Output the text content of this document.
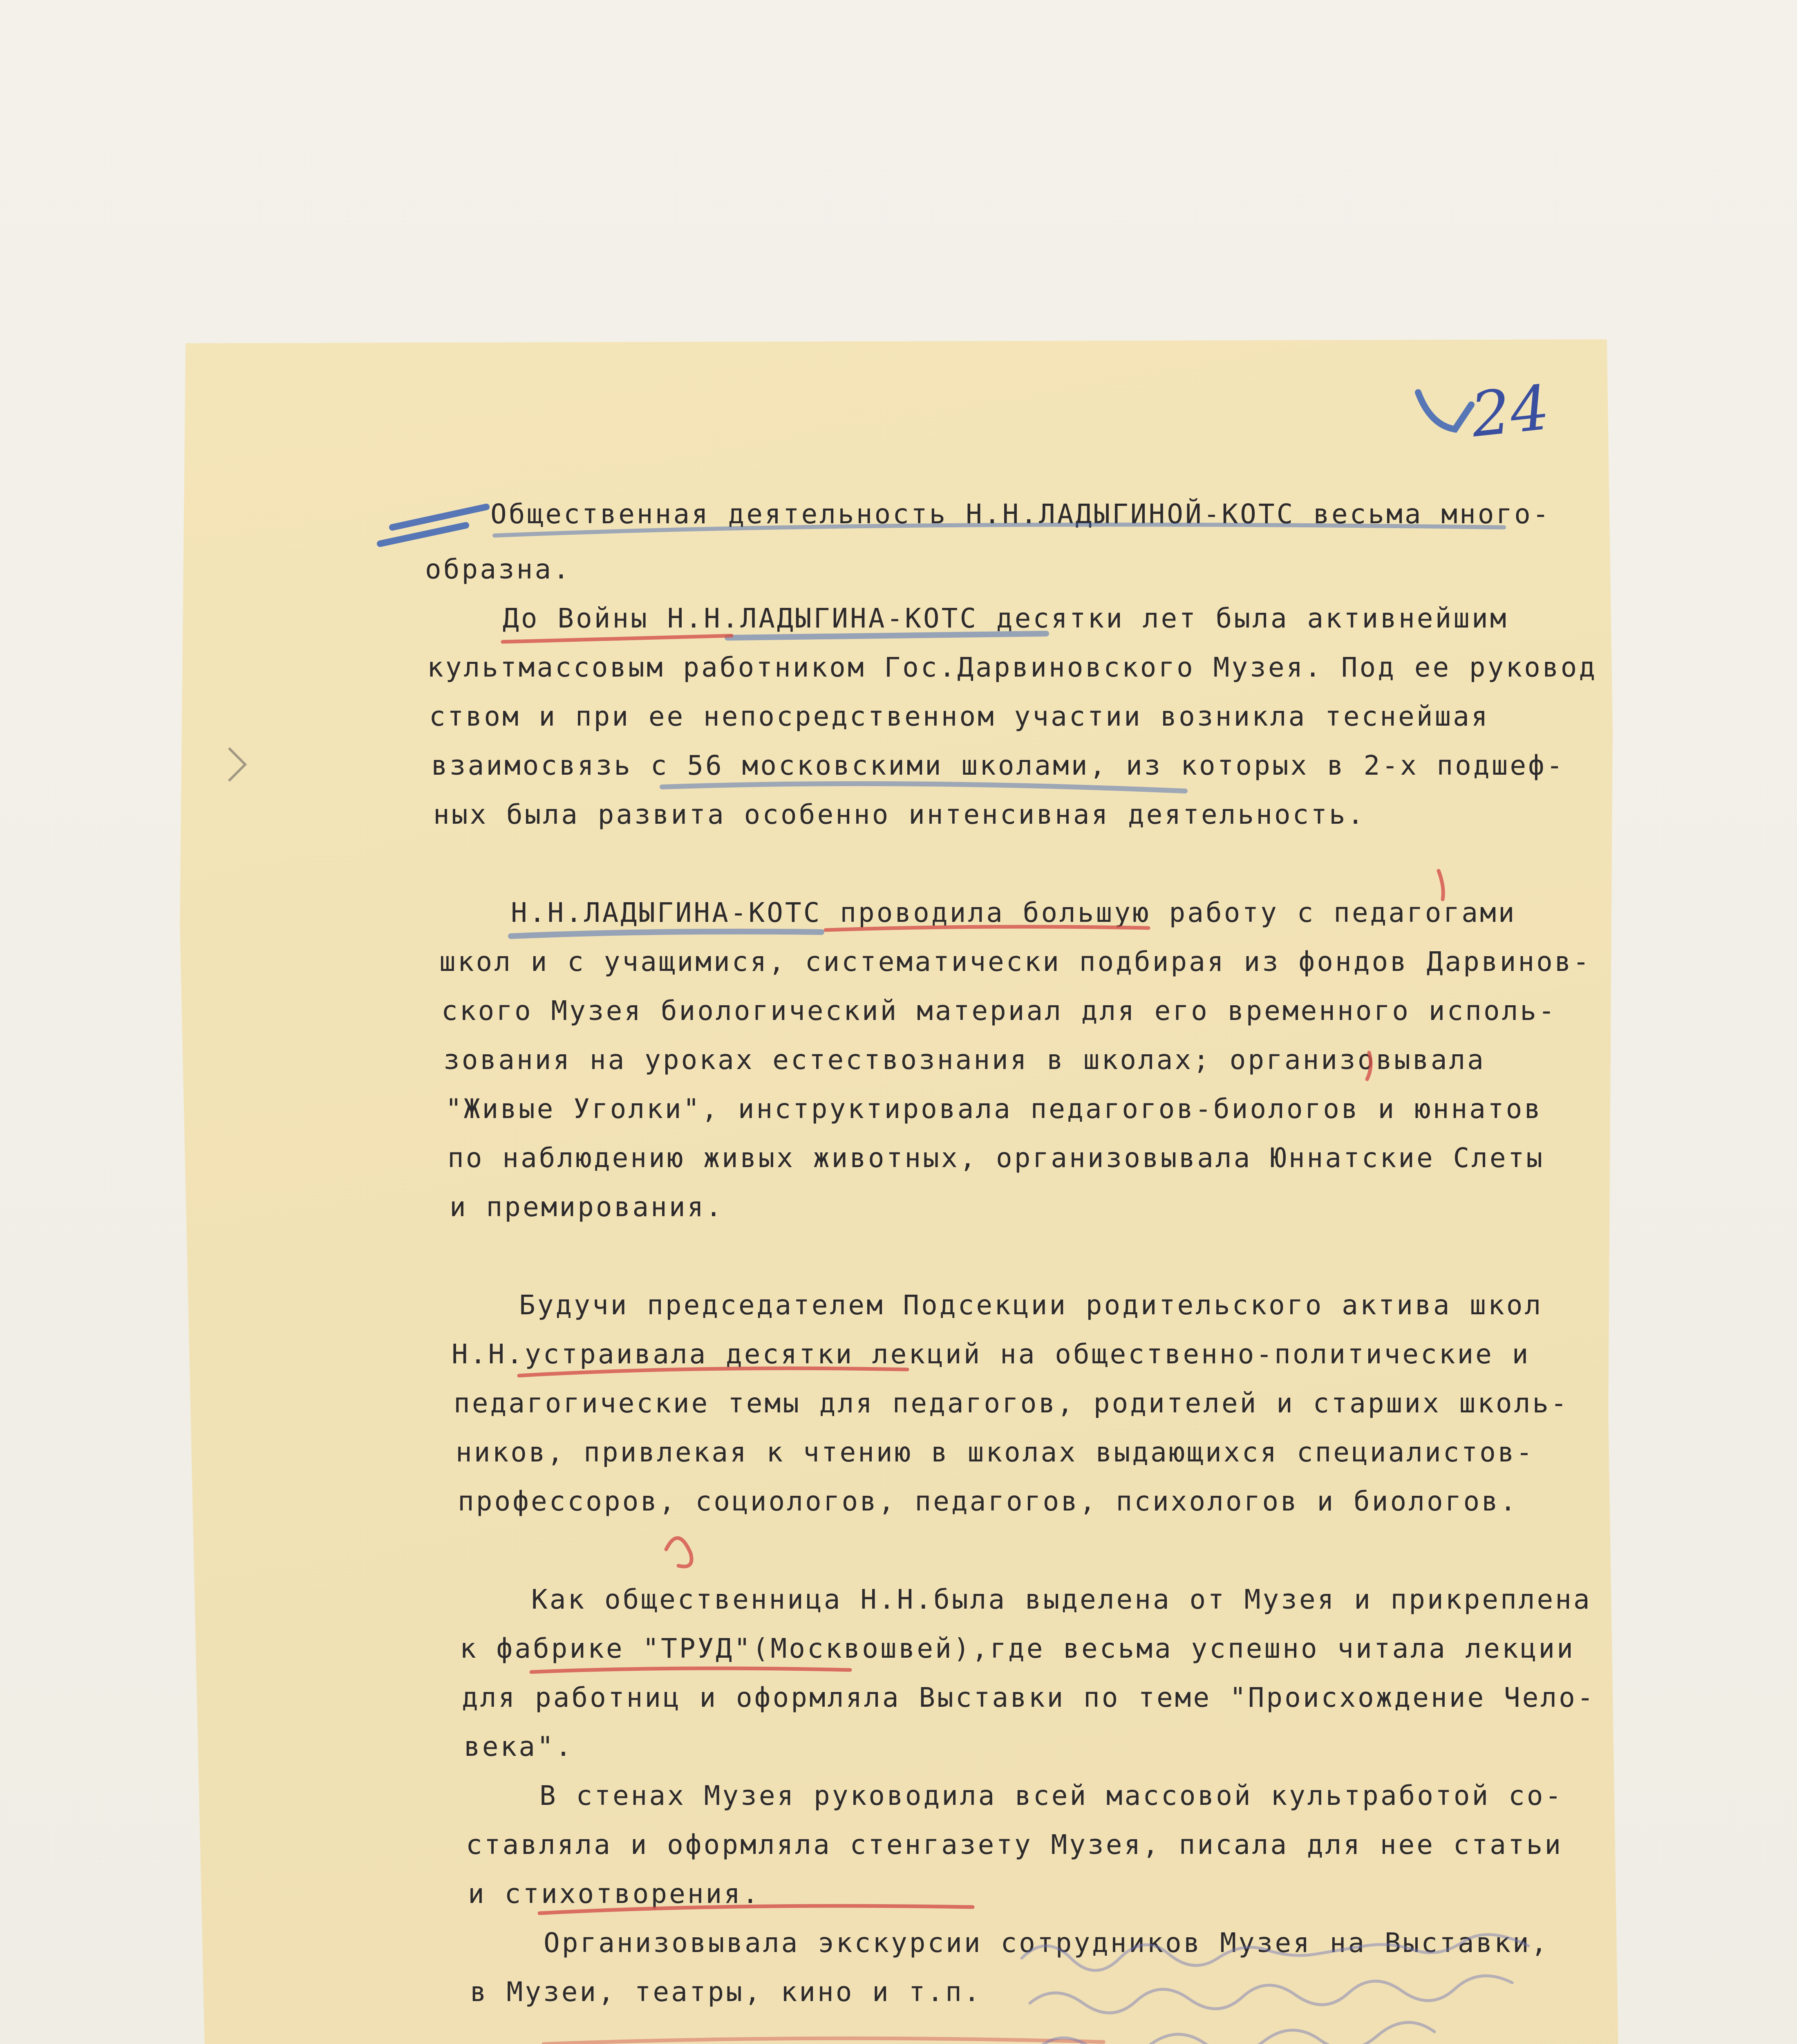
24
Общественная деятельность Н.Н.ЛАДЫГИНОЙ-КОТС весьма много-
образна.
До Войны Н.Н.ЛАДЫГИНА-КОТС десятки лет была активнейшим
культмассовым работником Гос.Дарвиновского Музея. Под ее руковод
ством и при ее непосредственном участии возникла теснейшая
взаимосвязь с 56 московскими школами, из которых в 2-х подшеф-
ных была развита особенно интенсивная деятельность.
Н.Н.ЛАДЫГИНА-КОТС проводила большую работу с педагогами
школ и с учащимися, систематически подбирая из фондов Дарвинов-
ского Музея биологический материал для его временного исполь-
зования на уроках естествознания в школах; организовывала
"Живые Уголки", инструктировала педагогов-биологов и юннатов
по наблюдению живых животных, организовывала Юннатские Слеты
и премирования.
Будучи председателем Подсекции родительского актива школ
Н.Н.устраивала десятки лекций на общественно-политические и
педагогические темы для педагогов, родителей и старших школь-
ников, привлекая к чтению в школах выдающихся специалистов-
профессоров, социологов, педагогов, психологов и биологов.
Как общественница Н.Н.была выделена от Музея и прикреплена
к фабрике "ТРУД"(Москвошвей),где весьма успешно читала лекции
для работниц и оформляла Выставки по теме "Происхождение Чело-
века".
В стенах Музея руководила всей массовой культработой со-
ставляла и оформляла стенгазету Музея, писала для нее статьи
и стихотворения.
Организовывала экскурсии сотрудников Музея на Выставки,
в Музеи, театры, кино и т.п.
